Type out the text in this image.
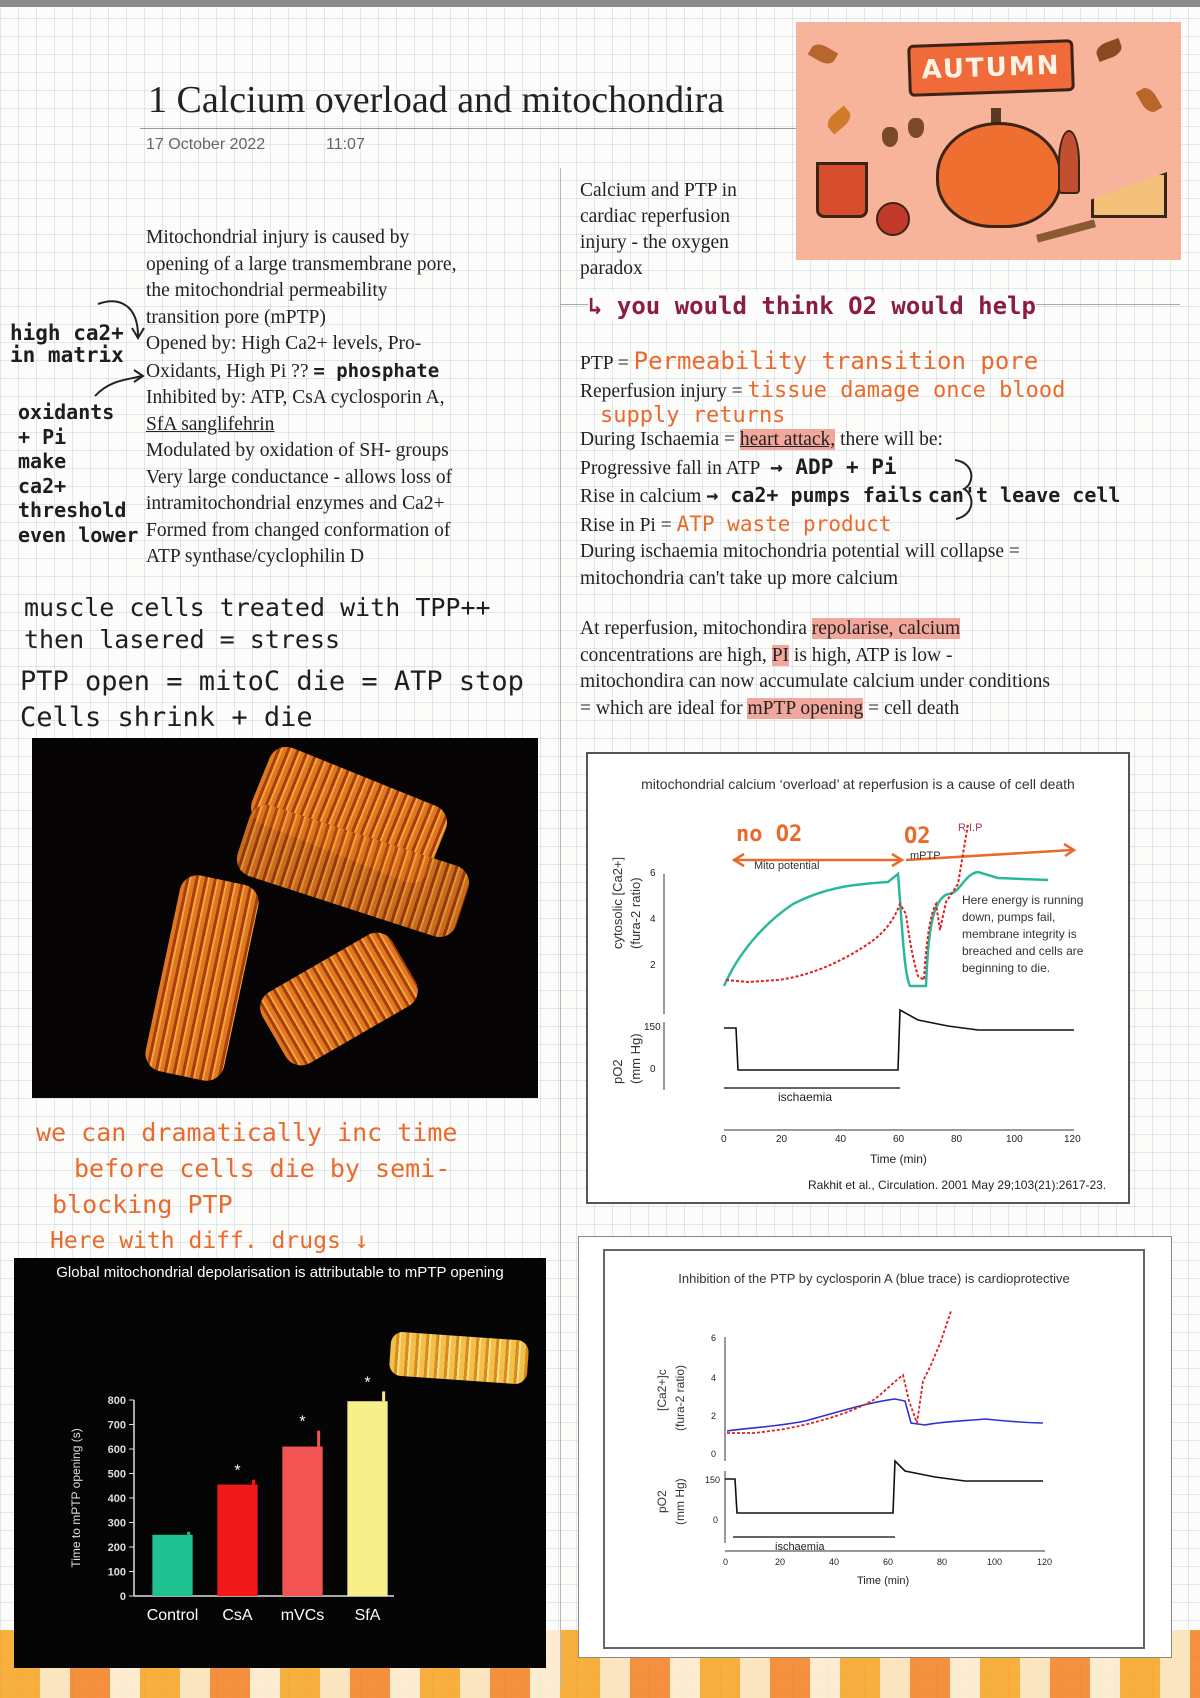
1 Calcium overload and mitochondira
17 October 2022	11:07
AUTUMN
Mitochondrial injury is caused by
opening of a large transmembrane pore,
the mitochondrial permeability
transition pore (mPTP)
Opened by: High Ca2+ levels, Pro-
Oxidants, High Pi ?? = phosphate
Inhibited by: ATP, CsA cyclosporin A,
SfA sanglifehrin
Modulated by oxidation of SH- groups
Very large conductance - allows loss of
intramitochondrial enzymes and Ca2+
Formed from changed conformation of
ATP synthase/cyclophilin D
high ca2+
in matrix
oxidants
+ Pi
make
ca2+
threshold
even lower
muscle cells treated with TPP++
then lasered = stress
PTP open = mitoC die = ATP stop
Cells shrink + die
we can dramatically inc time
before cells die by semi-
blocking PTP
Here with diff. drugs ↓
Global mitochondrial depolarisation is attributable to mPTP opening
Time to mPTP opening (s)
0
100
200
300
400
500
600
700
800
Control
*
CsA
*
mVCs
*
SfA
Calcium and PTP in
cardiac reperfusion
injury - the oxygen
paradox
↳ you would think O2 would help
PTP = Permeability transition pore
Reperfusion injury = tissue damage once blood
supply returns
During Ischaemia = heart attack, there will be:
Progressive fall in ATP → ADP + Pi
Rise in calcium → ca2+ pumps fails can't leave cell
Rise in Pi = ATP waste product
During ischaemia mitochondria potential will collapse =
mitochondria can't take up more calcium
At reperfusion, mitochondira repolarise, calcium
concentrations are high, PI is high, ATP is low -
mitochondira can now accumulate calcium under conditions
= which are ideal for mPTP opening = cell death
mitochondrial calcium ‘overload’ at reperfusion is a cause of cell death
no O2	O2	R.I.P
Mito potential
mPTP
Here energy is running
down, pumps fail,
membrane integrity is
breached and cells are
beginning to die.
cytosolic [Ca2+] (fura-2 ratio)
pO2 (mm Hg)
6
4
2
150
0
ischaemia
0	20	40	60	80	100	120
Time (min)
Rakhit et al., Circulation. 2001 May 29;103(21):2617-23.
Inhibition of the PTP by cyclosporin A (blue trace) is cardioprotective
[Ca2+]c (fura-2 ratio)
pO2 (mm Hg)
6
4
2
0
150
0
ischaemia
0	20	40	60	80	100	120
Time (min)
